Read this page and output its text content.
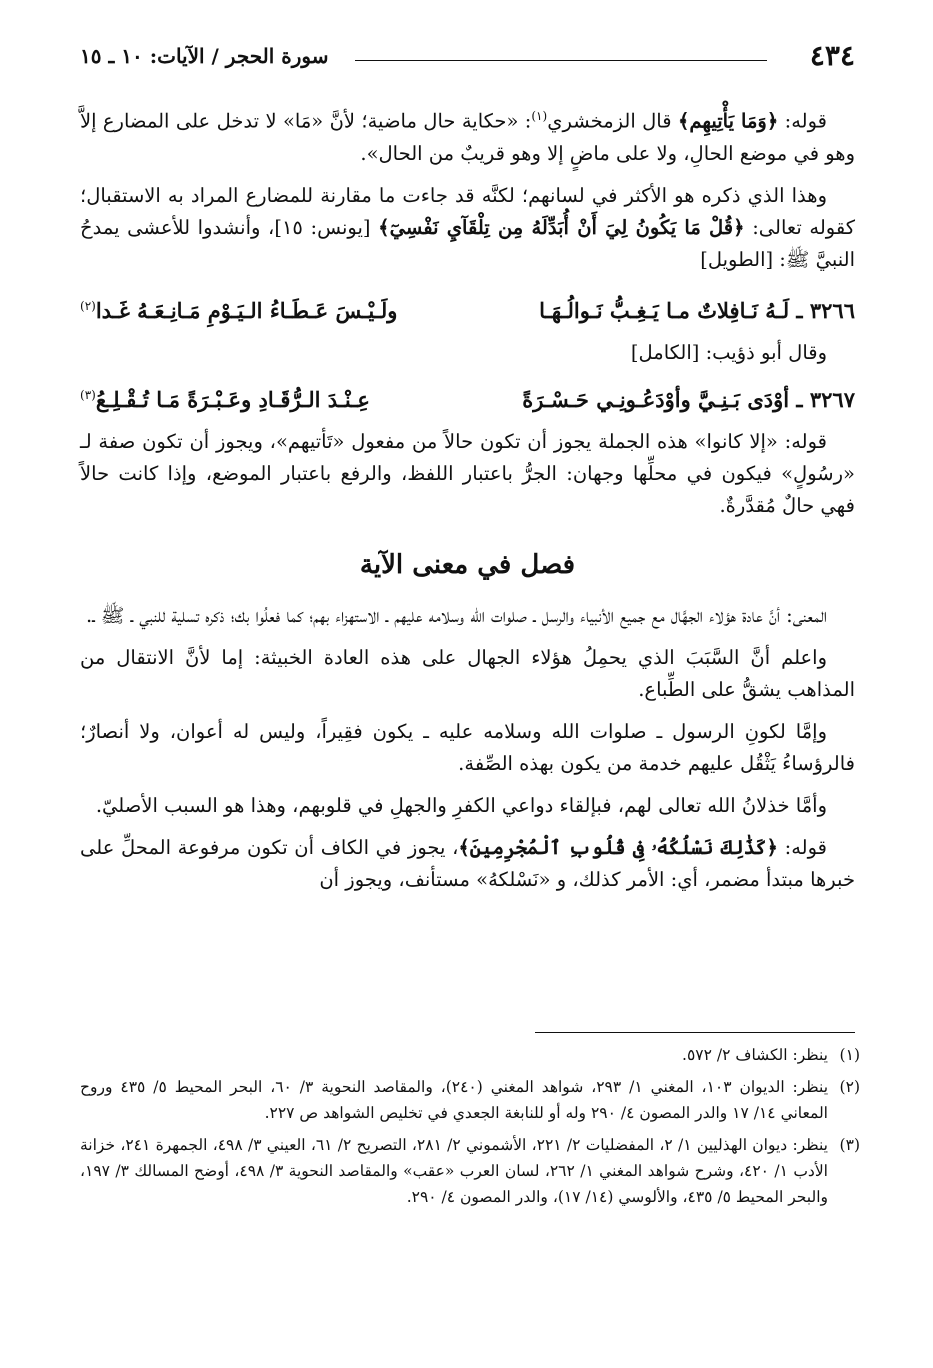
٤٣٤
سورة الحجر / الآيات: ١٠ ـ ١٥

قوله: ﴿وَمَا يَأْتِيهِم﴾ قال الزمخشري$^{(١)}$: «حكاية حال ماضية؛ لأنَّ «مَا» لا تدخل على المضارع إلاَّ وهو في موضع الحالِ، ولا على ماضٍ إلا وهو قريبٌ من الحال».

وهذا الذي ذكره هو الأكثر في لسانهم؛ لكنَّه قد جاءت ما مقارنة للمضارع المراد به الاستقبال؛ كقوله تعالى: ﴿قُلْ مَا يَكُونُ لِيَ أَنْ أُبَدِّلَهُ مِن تِلْقَآيِ نَفْسِيٓ﴾ [يونس: ١٥]، وأنشدوا للأعشى يمدحُ النبيَّ ﷺ: [الطويل]

٣٢٦٦ ـ لَـهُ نَـافِلاتٌ مـا يَـغِـبُّ نَـوالُـهَـا
ولَـيْـسَ عَـطَـاءُ الـيَـوْمِ مَـانِـعَـهُ غَـدا$^{(٢)}$

وقال أبو ذؤيب: [الكامل]

٣٢٦٧ ـ أوْدَى بَـنِـيَّ وأوْدَعُـونِـي حَـسْـرَةً
عِـنْـدَ الـرُّقَـادِ وعَـبْـرَةً مَـا تُـقْـلِـعُ$^{(٣)}$

قوله: «إلا كانوا» هذه الجملة يجوز أن تكون حالاً من مفعول «تَأتيهم»، ويجوز أن تكون صفة لـ «رسُولٍ» فيكون في محلِّها وجهان: الجرُّ باعتبار اللفظ، والرفع باعتبار الموضع، وإذا كانت حالاً فهي حالٌ مُقدَّرةٌ.

فصل في معنى الآية

المعنى: أنَّ عادة هؤلاء الجهَّال مع جميع الأنبياء والرسل ـ صلوات الله وسلامه عليهم ـ الاستهزاء بهم؛ كما فعلُوا بك؛ ذكره تسلية للنبي ـ ﷺ ـ.

واعلم أنَّ السَّبَبَ الذي يحمِلُ هؤلاء الجهال على هذه العادة الخبيثة: إما لأنَّ الانتقال من المذاهب يشقُّ على الطِّباع.

وإمَّا لكونِ الرسول ـ صلوات الله وسلامه عليه ـ يكون فقِيراً، وليس له أعوان، ولا أنصارٌ؛ فالرؤساءُ يَثْقُل عليهم خدمة من يكون بهذه الصِّفة.

وأمَّا خذلانُ الله تعالى لهم، فبإلقاء دواعي الكفرِ والجهلِ في قلوبهم، وهذا هو السبب الأصليّ.

قوله: ﴿كَذَٰلِكَ نَسْلُكُهُۥ فِى قُلُوبِ ٱلْمُجْرِمِينَ﴾، يجوز في الكاف أن تكون مرفوعة المحلِّ على خبرها مبتدأ مضمر، أي: الأمر كذلك، و «نَسْلكهُ» مستأنف، ويجوز أن

(١)
ينظر: الكشاف ٢/ ٥٧٢.
(٢)
ينظر: الديوان ١٠٣، المغني ١/ ٢٩٣، شواهد المغني (٢٤٠)، والمقاصد النحوية ٣/ ٦٠، البحر المحيط ٥/ ٤٣٥ وروح المعاني ١٤/ ١٧ والدر المصون ٤/ ٢٩٠ وله أو للنابغة الجعدي في تخليص الشواهد ص ٢٢٧.
(٣)
ينظر: ديوان الهذليين ١/ ٢، المفضليات ٢/ ٢٢١، الأشموني ٢/ ٢٨١، التصريح ٢/ ٦١، العيني ٣/ ٤٩٨، الجمهرة ٢٤١، خزانة الأدب ١/ ٤٢٠، وشرح شواهد المغني ١/ ٢٦٢، لسان العرب «عقب» والمقاصد النحوية ٣/ ٤٩٨، أوضح المسالك ٣/ ١٩٧، والبحر المحيط ٥/ ٤٣٥، والألوسي (١٤/ ١٧)، والدر المصون ٤/ ٢٩٠.
